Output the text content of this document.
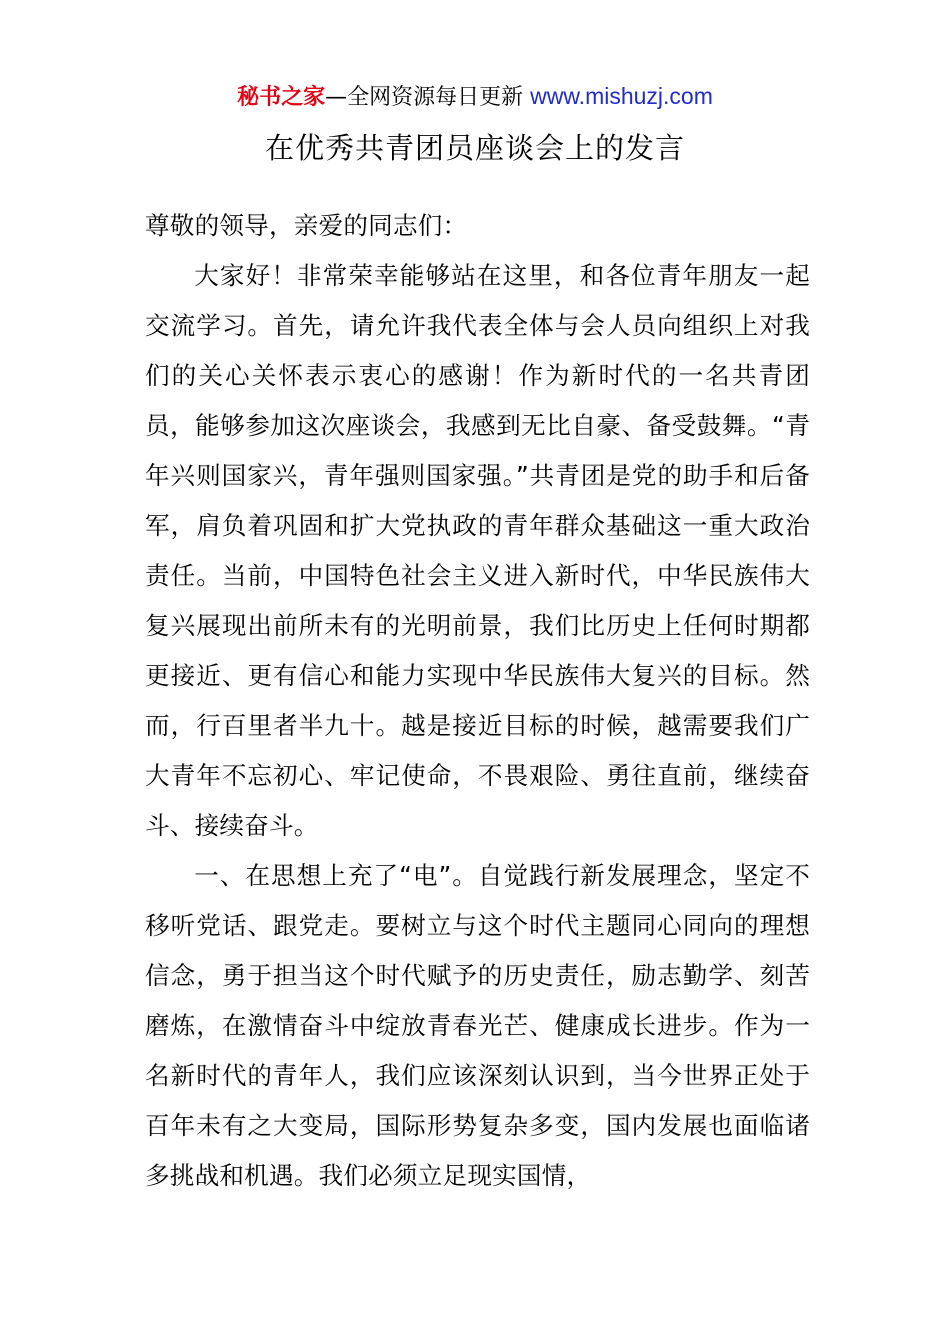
秘书之家—全网资源每日更新 www.mishuzj.com
在优秀共青团员座谈会上的发言

尊敬的领导，亲爱的同志们：

大家好！非常荣幸能够站在这里，和各位青年朋友一起交流学习。首先，请允许我代表全体与会人员向组织上对我们的关心关怀表示衷心的感谢！作为新时代的一名共青团员，能够参加这次座谈会，我感到无比自豪、备受鼓舞。“青年兴则国家兴，青年强则国家强。”共青团是党的助手和后备军，肩负着巩固和扩大党执政的青年群众基础这一重大政治责任。当前，中国特色社会主义进入新时代，中华民族伟大复兴展现出前所未有的光明前景，我们比历史上任何时期都更接近、更有信心和能力实现中华民族伟大复兴的目标。然而，行百里者半九十。越是接近目标的时候，越需要我们广大青年不忘初心、牢记使命，不畏艰险、勇往直前，继续奋斗、接续奋斗。

一、在思想上充了“电”。自觉践行新发展理念，坚定不移听党话、跟党走。要树立与这个时代主题同心同向的理想信念，勇于担当这个时代赋予的历史责任，励志勤学、刻苦磨炼，在激情奋斗中绽放青春光芒、健康成长进步。作为一名新时代的青年人，我们应该深刻认识到，当今世界正处于百年未有之大变局，国际形势复杂多变，国内发展也面临诸多挑战和机遇。我们必须立足现实国情，
